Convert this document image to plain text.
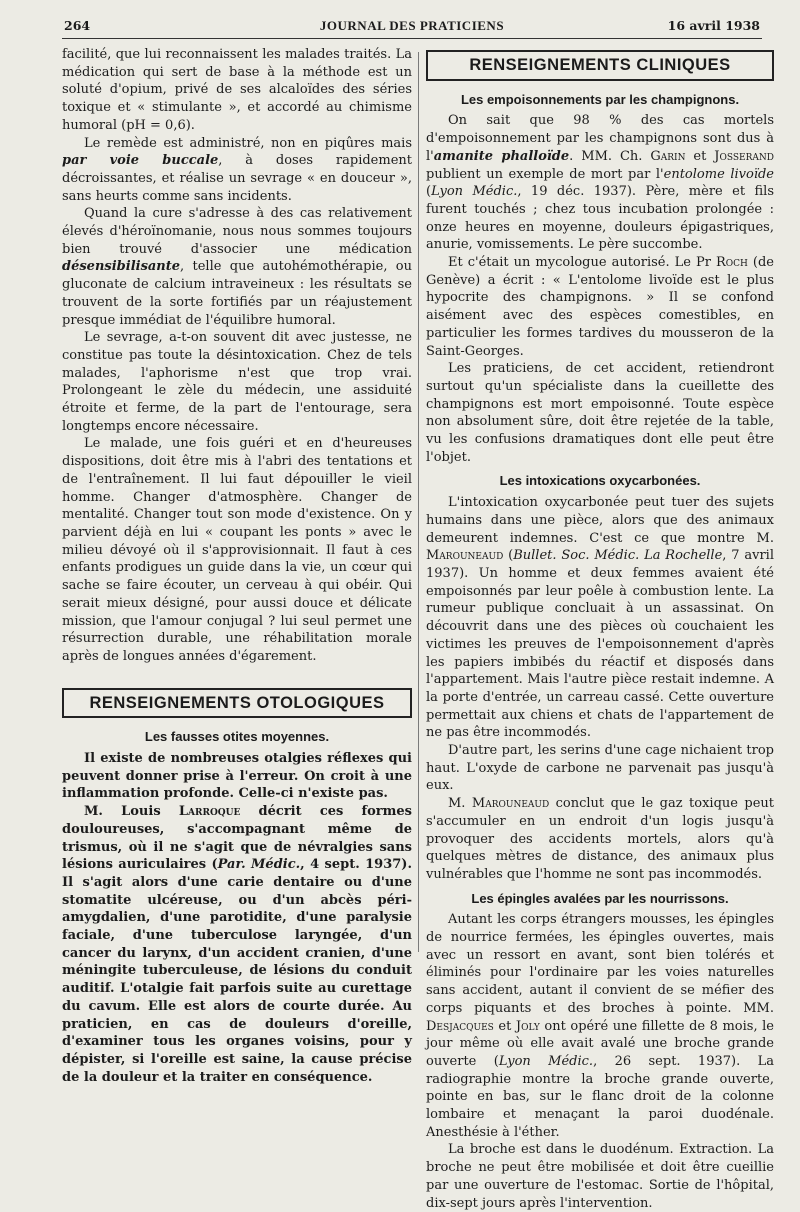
264	JOURNAL DES PRATICIENS	16 avril 1938

facilité, que lui reconnaissent les malades traités. La médication qui sert de base à la méthode est un soluté d'opium, privé de ses alcaloïdes des séries toxique et « stimulante », et accordé au chimisme humoral (pH = 0,6).

Le remède est administré, non en piqûres mais par voie buccale, à doses rapidement décroissantes, et réalise un sevrage « en douceur », sans heurts comme sans incidents.

Quand la cure s'adresse à des cas relativement élevés d'héroïnomanie, nous nous sommes toujours bien trouvé d'associer une médication désensibilisante, telle que autohémothérapie, ou gluconate de calcium intraveineux : les résultats se trouvent de la sorte fortifiés par un réajustement presque immédiat de l'équilibre humoral.

Le sevrage, a-t-on souvent dit avec justesse, ne constitue pas toute la désintoxication. Chez de tels malades, l'aphorisme n'est que trop vrai. Prolongeant le zèle du médecin, une assiduité étroite et ferme, de la part de l'entourage, sera longtemps encore nécessaire.

Le malade, une fois guéri et en d'heureuses dispositions, doit être mis à l'abri des tentations et de l'entraînement. Il lui faut dépouiller le vieil homme. Changer d'atmosphère. Changer de mentalité. Changer tout son mode d'existence. On y parvient déjà en lui « coupant les ponts » avec le milieu dévoyé où il s'approvisionnait. Il faut à ces enfants prodigues un guide dans la vie, un cœur qui sache se faire écouter, un cerveau à qui obéir. Qui serait mieux désigné, pour aussi douce et délicate mission, que l'amour conjugal ? lui seul permet une résurrection durable, une réhabilitation morale après de longues années d'égarement.

RENSEIGNEMENTS OTOLOGIQUES
Les fausses otites moyennes.

Il existe de nombreuses otalgies réflexes qui peuvent donner prise à l'erreur. On croit à une inflammation profonde. Celle-ci n'existe pas.

M. Louis Larroque décrit ces formes douloureuses, s'accompagnant même de trismus, où il ne s'agit que de névralgies sans lésions auriculaires (Par. Médic., 4 sept. 1937). Il s'agit alors d'une carie dentaire ou d'une stomatite ulcéreuse, ou d'un abcès péri-amygdalien, d'une parotidite, d'une paralysie faciale, d'une tuberculose laryngée, d'un cancer du larynx, d'un accident cranien, d'une méningite tuberculeuse, de lésions du conduit auditif. L'otalgie fait parfois suite au curettage du cavum. Elle est alors de courte durée. Au praticien, en cas de douleurs d'oreille, d'examiner tous les organes voisins, pour y dépister, si l'oreille est saine, la cause précise de la douleur et la traiter en conséquence.

RENSEIGNEMENTS CLINIQUES
Les empoisonnements par les champignons.

On sait que 98 % des cas mortels d'empoisonnement par les champignons sont dus à l'amanite phalloïde. MM. Ch. Garin et Josserand publient un exemple de mort par l'entolome livoïde (Lyon Médic., 19 déc. 1937). Père, mère et fils furent touchés ; chez tous incubation prolongée : onze heures en moyenne, douleurs épigastriques, anurie, vomissements. Le père succombe.

Et c'était un mycologue autorisé. Le Pr Roch (de Genève) a écrit : « L'entolome livoïde est le plus hypocrite des champignons. » Il se confond aisément avec des espèces comestibles, en particulier les formes tardives du mousseron de la Saint-Georges.

Les praticiens, de cet accident, retiendront surtout qu'un spécialiste dans la cueillette des champignons est mort empoisonné. Toute espèce non absolument sûre, doit être rejetée de la table, vu les confusions dramatiques dont elle peut être l'objet.

Les intoxications oxycarbonées.

L'intoxication oxycarbonée peut tuer des sujets humains dans une pièce, alors que des animaux demeurent indemnes. C'est ce que montre M. Marouneaud (Bullet. Soc. Médic. La Rochelle, 7 avril 1937). Un homme et deux femmes avaient été empoisonnés par leur poêle à combustion lente. La rumeur publique concluait à un assassinat. On découvrit dans une des pièces où couchaient les victimes les preuves de l'empoisonnement d'après les papiers imbibés du réactif et disposés dans l'appartement. Mais l'autre pièce restait indemne. A la porte d'entrée, un carreau cassé. Cette ouverture permettait aux chiens et chats de l'appartement de ne pas être incommodés.

D'autre part, les serins d'une cage nichaient trop haut. L'oxyde de carbone ne parvenait pas jusqu'à eux.

M. Marouneaud conclut que le gaz toxique peut s'accumuler en un endroit d'un logis jusqu'à provoquer des accidents mortels, alors qu'à quelques mètres de distance, des animaux plus vulnérables que l'homme ne sont pas incommodés.

Les épingles avalées par les nourrissons.

Autant les corps étrangers mousses, les épingles de nourrice fermées, les épingles ouvertes, mais avec un ressort en avant, sont bien tolérés et éliminés pour l'ordinaire par les voies naturelles sans accident, autant il convient de se méfier des corps piquants et des broches à pointe. MM. Desjacques et Joly ont opéré une fillette de 8 mois, le jour même où elle avait avalé une broche grande ouverte (Lyon Médic., 26 sept. 1937). La radiographie montre la broche grande ouverte, pointe en bas, sur le flanc droit de la colonne lombaire et menaçant la paroi duodénale. Anesthésie à l'éther.

La broche est dans le duodénum. Extraction. La broche ne peut être mobilisée et doit être cueillie par une ouverture de l'estomac. Sortie de l'hôpital, dix-sept jours après l'intervention.
